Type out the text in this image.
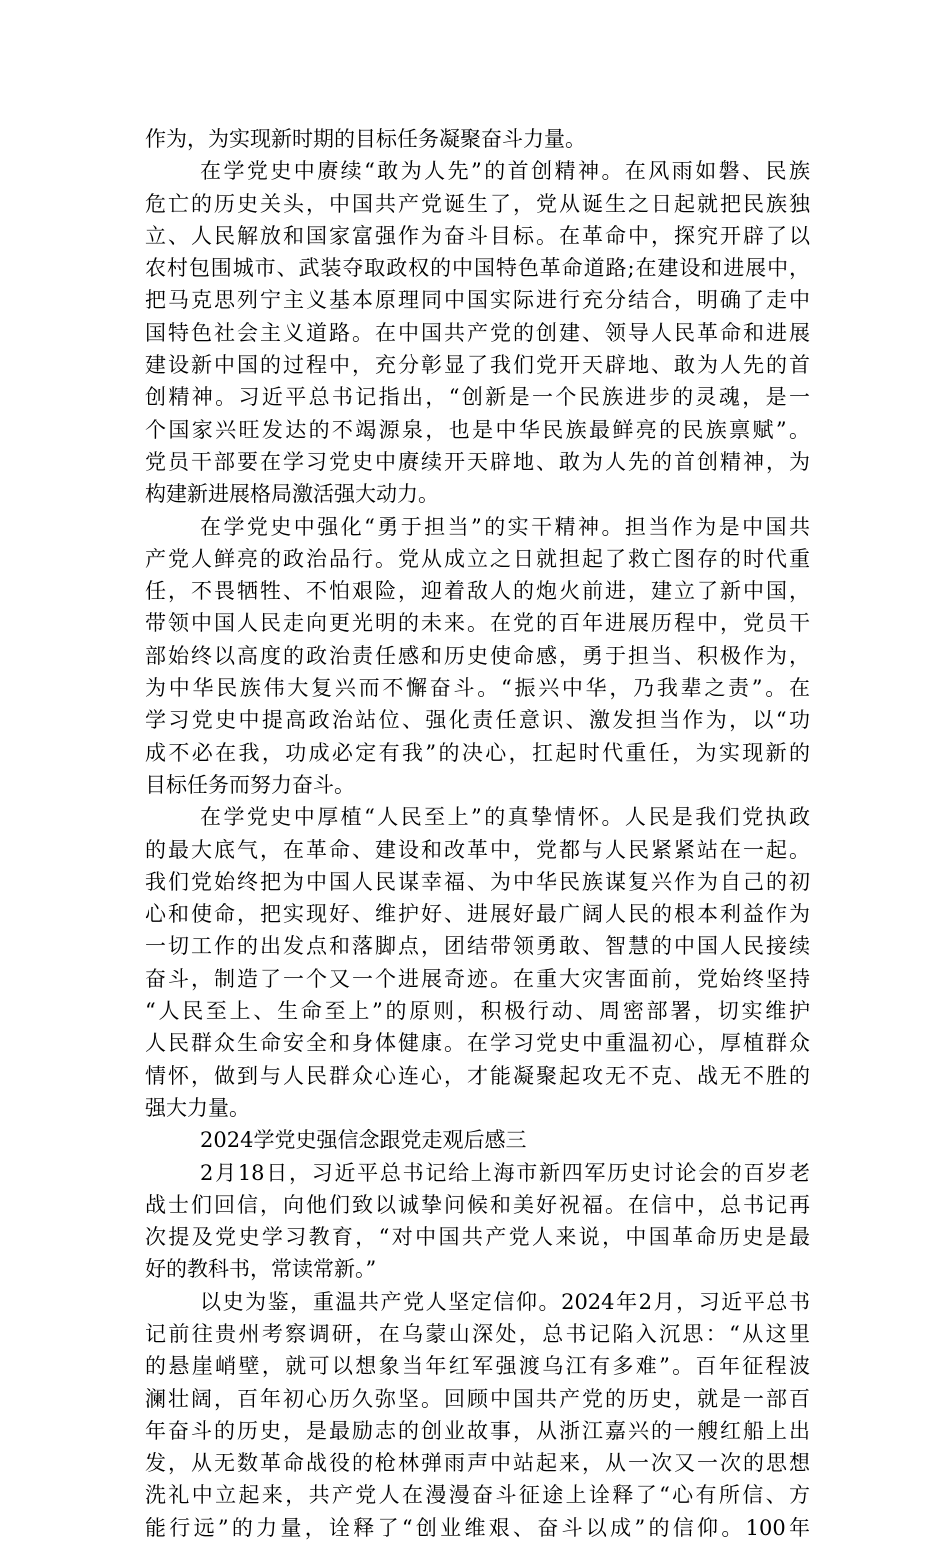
作为，为实现新时期的目标任务凝聚奋斗力量。
在学党史中赓续“敢为人先”的首创精神。在风雨如磐、民族
危亡的历史关头，中国共产党诞生了，党从诞生之日起就把民族独
立、人民解放和国家富强作为奋斗目标。在革命中，探究开辟了以
农村包围城市、武装夺取政权的中国特色革命道路;在建设和进展中，
把马克思列宁主义基本原理同中国实际进行充分结合，明确了走中
国特色社会主义道路。在中国共产党的创建、领导人民革命和进展
建设新中国的过程中，充分彰显了我们党开天辟地、敢为人先的首
创精神。习近平总书记指出，“创新是一个民族进步的灵魂，是一
个国家兴旺发达的不竭源泉，也是中华民族最鲜亮的民族禀赋”。
党员干部要在学习党史中赓续开天辟地、敢为人先的首创精神，为
构建新进展格局激活强大动力。
在学党史中强化“勇于担当”的实干精神。担当作为是中国共
产党人鲜亮的政治品行。党从成立之日就担起了救亡图存的时代重
任，不畏牺牲、不怕艰险，迎着敌人的炮火前进，建立了新中国，
带领中国人民走向更光明的未来。在党的百年进展历程中，党员干
部始终以高度的政治责任感和历史使命感，勇于担当、积极作为，
为中华民族伟大复兴而不懈奋斗。“振兴中华，乃我辈之责”。在
学习党史中提高政治站位、强化责任意识、激发担当作为，以“功
成不必在我，功成必定有我”的决心，扛起时代重任，为实现新的
目标任务而努力奋斗。
在学党史中厚植“人民至上”的真挚情怀。人民是我们党执政
的最大底气，在革命、建设和改革中，党都与人民紧紧站在一起。
我们党始终把为中国人民谋幸福、为中华民族谋复兴作为自己的初
心和使命，把实现好、维护好、进展好最广阔人民的根本利益作为
一切工作的出发点和落脚点，团结带领勇敢、智慧的中国人民接续
奋斗，制造了一个又一个进展奇迹。在重大灾害面前，党始终坚持
“人民至上、生命至上”的原则，积极行动、周密部署，切实维护
人民群众生命安全和身体健康。在学习党史中重温初心，厚植群众
情怀，做到与人民群众心连心，才能凝聚起攻无不克、战无不胜的
强大力量。
2024学党史强信念跟党走观后感三
2月18日，习近平总书记给上海市新四军历史讨论会的百岁老
战士们回信，向他们致以诚挚问候和美好祝福。在信中，总书记再
次提及党史学习教育，“对中国共产党人来说，中国革命历史是最
好的教科书，常读常新。”
以史为鉴，重温共产党人坚定信仰。2024年2月，习近平总书
记前往贵州考察调研，在乌蒙山深处，总书记陷入沉思：“从这里
的悬崖峭壁，就可以想象当年红军强渡乌江有多难”。百年征程波
澜壮阔，百年初心历久弥坚。回顾中国共产党的历史，就是一部百
年奋斗的历史，是最励志的创业故事，从浙江嘉兴的一艘红船上出
发，从无数革命战役的枪林弹雨声中站起来，从一次又一次的思想
洗礼中立起来，共产党人在漫漫奋斗征途上诠释了“心有所信、方
能行远”的力量，诠释了“创业维艰、奋斗以成”的信仰。100年
